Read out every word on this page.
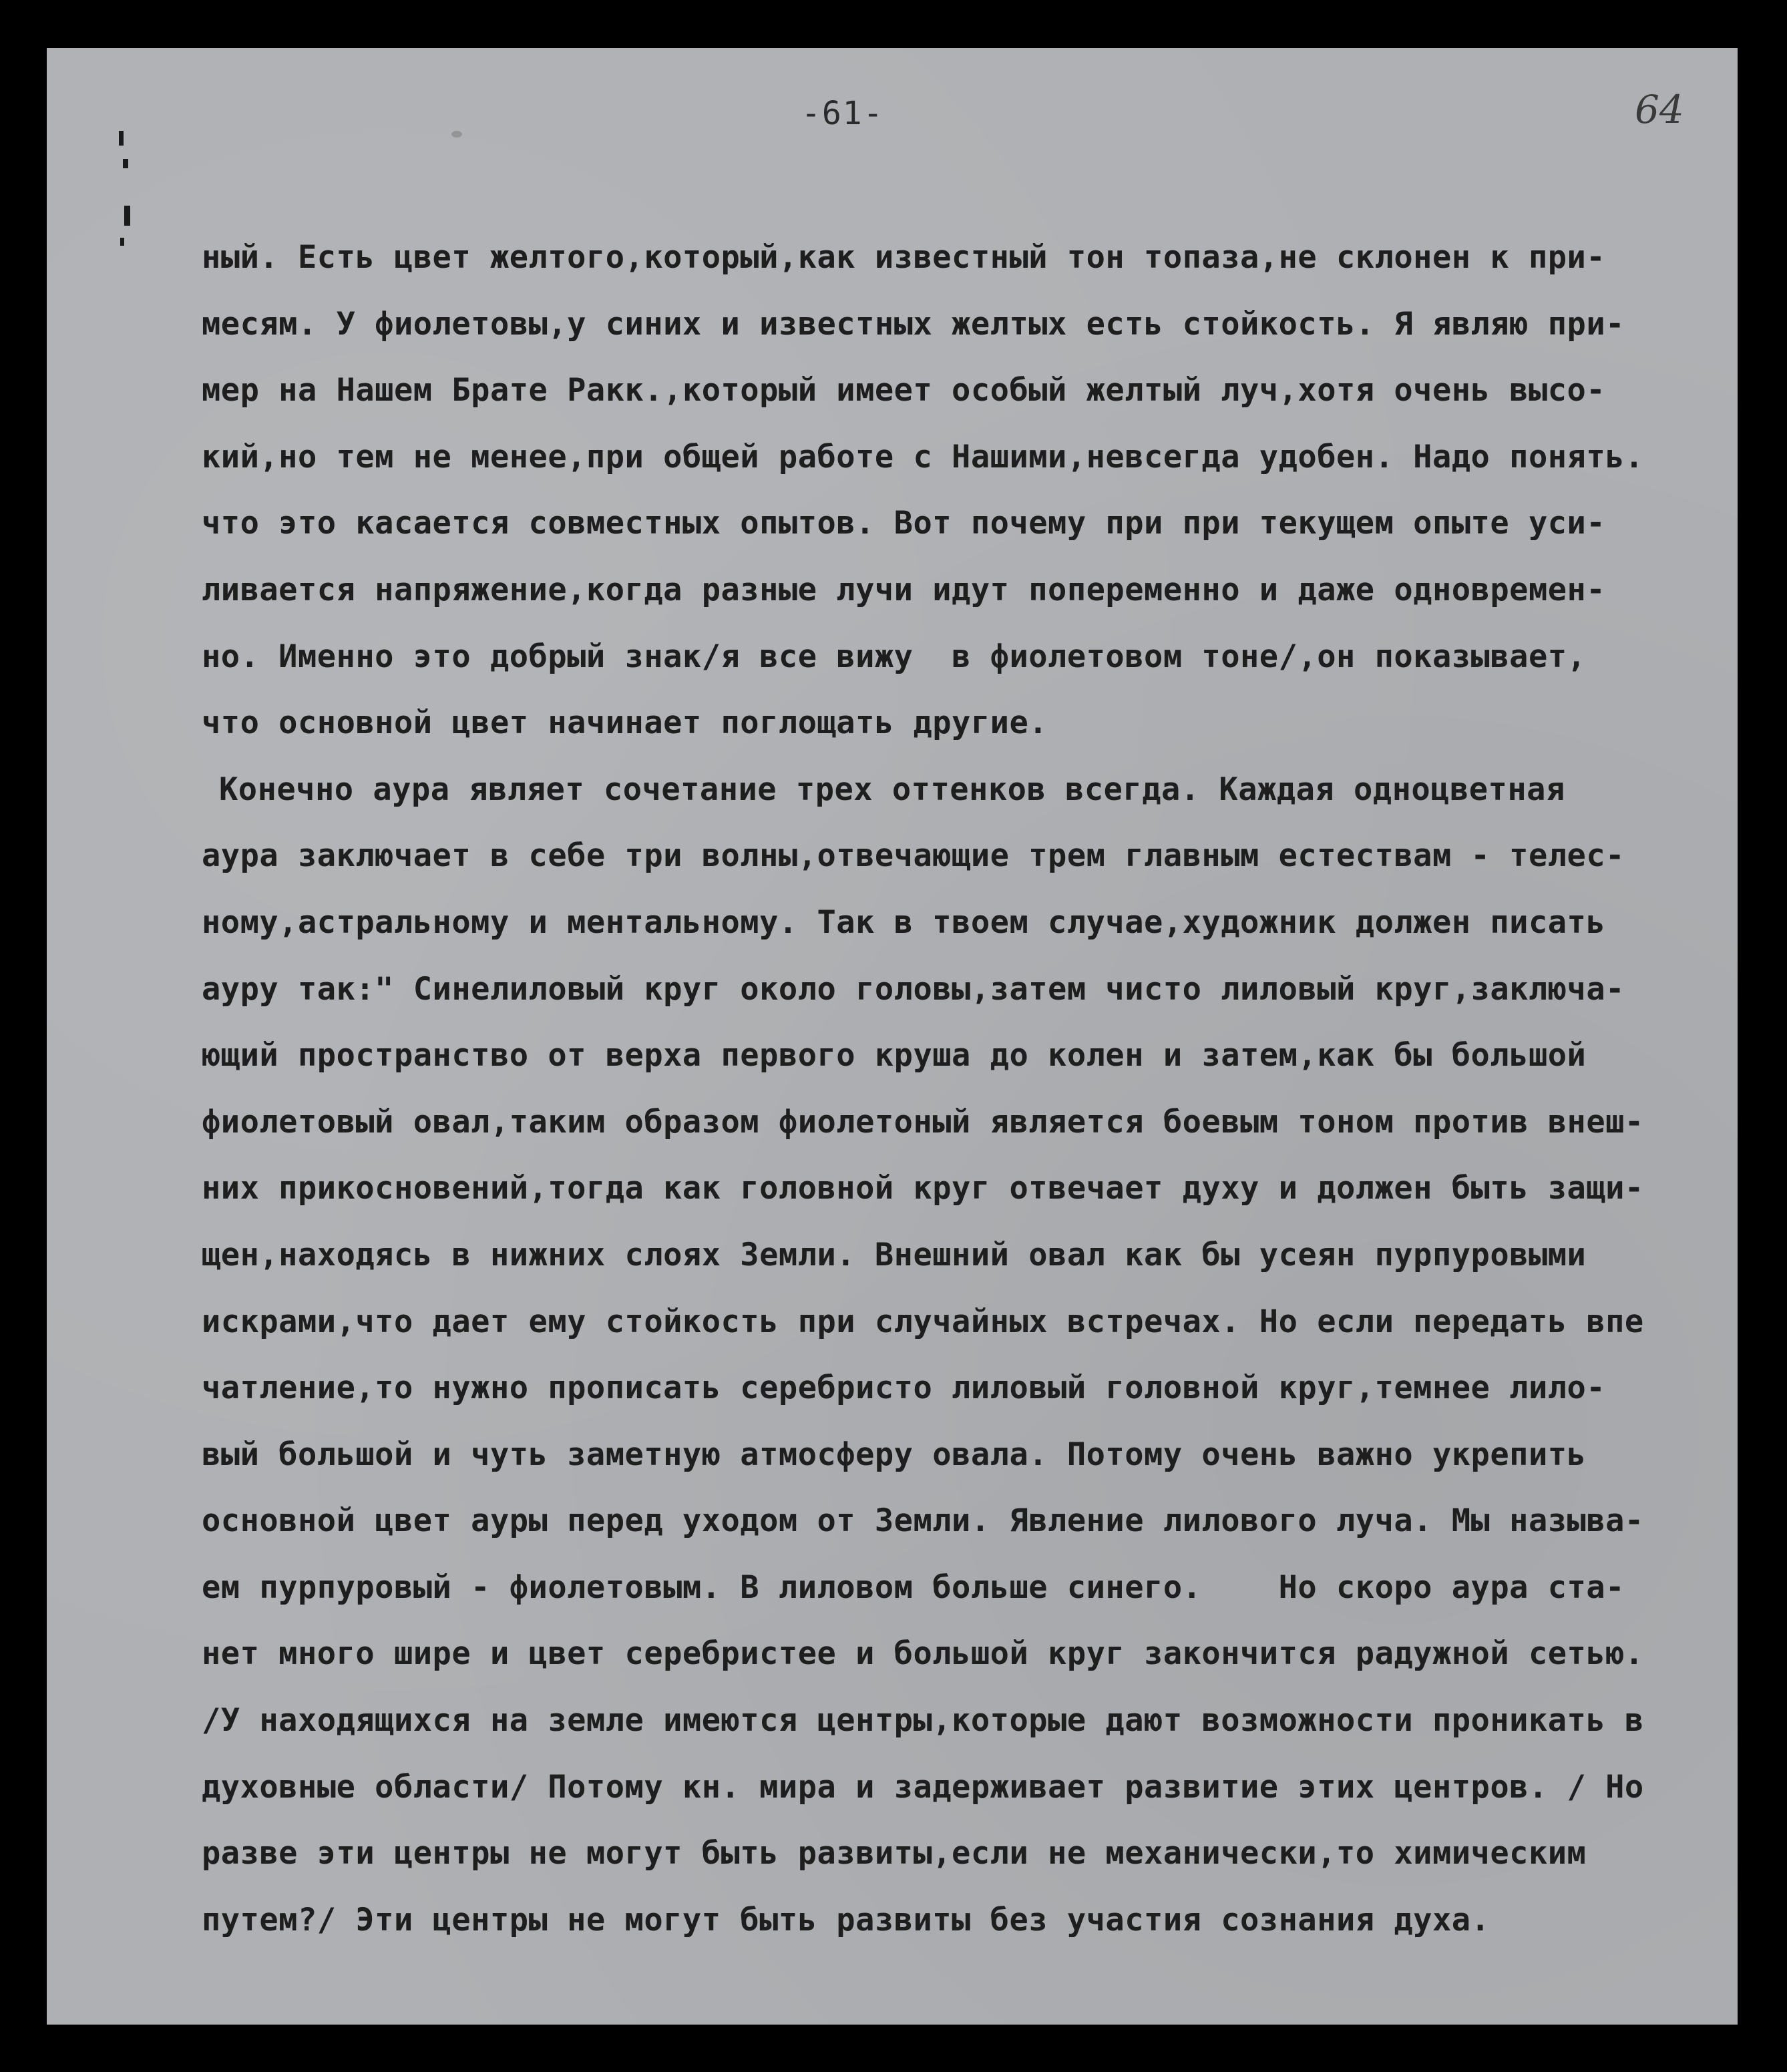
-61-	64
ный. Есть цвет желтого,который,как известный тон топаза,не склонен к при-
месям. У фиолетовы,у синих и известных желтых есть стойкость. Я являю при-
мер на Нашем Брате Ракк.,который имеет особый желтый луч,хотя очень высо-
кий,но тем не менее,при общей работе с Нашими,невсегда удобен. Надо понять.
что это касается совместных опытов. Вот почему при при текущем опыте уси-
ливается напряжение,когда разные лучи идут попеременно и даже одновремен-
но. Именно это добрый знак/я все вижу  в фиолетовом тоне/,он показывает,
что основной цвет начинает поглощать другие.
Конечно аура являет сочетание трех оттенков всегда. Каждая одноцветная
аура заключает в себе три волны,отвечающие трем главным естествам - телес-
ному,астральному и ментальному. Так в твоем случае,художник должен писать
ауру так:" Синелиловый круг около головы,затем чисто лиловый круг,заключа-
ющий пространство от верха первого круша до колен и затем,как бы большой
фиолетовый овал,таким образом фиолетоный является боевым тоном против внеш-
них прикосновений,тогда как головной круг отвечает духу и должен быть защи-
щен,находясь в нижних слоях Земли. Внешний овал как бы усеян пурпуровыми
искрами,что дает ему стойкость при случайных встречах. Но если передать впе
чатление,то нужно прописать серебристо лиловый головной круг,темнее лило-
вый большой и чуть заметную атмосферу овала. Потому очень важно укрепить
основной цвет ауры перед уходом от Земли. Явление лилового луча. Мы называ-
ем пурпуровый - фиолетовым. В лиловом больше синего.    Но скоро аура ста-
нет много шире и цвет серебристее и большой круг закончится радужной сетью.
/У находящихся на земле имеются центры,которые дают возможности проникать в
духовные области/ Потому кн. мира и задерживает развитие этих центров. / Но
разве эти центры не могут быть развиты,если не механически,то химическим
путем?/ Эти центры не могут быть развиты без участия сознания духа.
